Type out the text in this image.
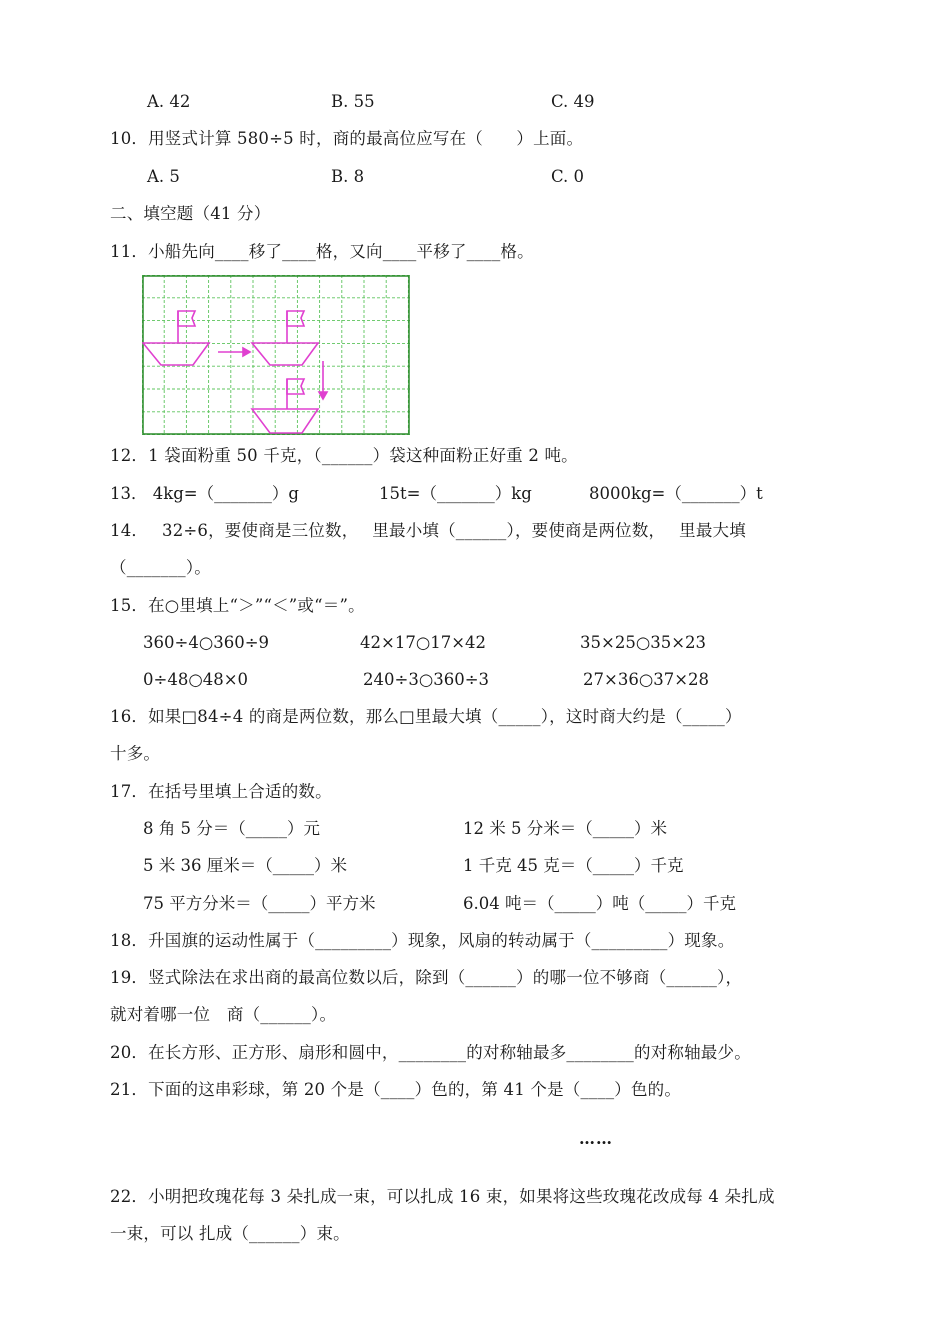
A. 42	B. 55	C. 49
10．用竖式计算 580÷5 时，商的最高位应写在（　　）上面。
A. 5	B. 8	C. 0
二、填空题（41 分）
11．小船先向____移了____格，又向____平移了____格。
12．1 袋面粉重 50 千克，（______）袋这种面粉正好重 2 吨。
13． 4kg=（_______）g	15t=（_______）kg	8000kg=（_______）t
14．　 32÷6，要使商是三位数，　 里最小填（______），要使商是两位数，　 里最大填
（_______）。
15．在○里填上“＞”“＜”或“＝”。
360÷4○360÷9	42×17○17×42	35×25○35×23
0÷48○48×0	240÷3○360÷3	27×36○37×28
16．如果□84÷4 的商是两位数，那么□里最大填（_____），这时商大约是（_____）
十多。
17．在括号里填上合适的数。
8 角 5 分＝（_____）元	12 米 5 分米＝（_____）米
5 米 36 厘米＝（_____）米	1 千克 45 克＝（_____）千克
75 平方分米＝（_____）平方米	6.04 吨＝（_____）吨（_____）千克
18．升国旗的运动性属于（_________）现象，风扇的转动属于（_________）现象。
19．竖式除法在求出商的最高位数以后，除到（______）的哪一位不够商（______），
就对着哪一位　商（______）。
20．在长方形、正方形、扇形和圆中，________的对称轴最多________的对称轴最少。
21．下面的这串彩球，第 20 个是（____）色的，第 41 个是（____）色的。
……
22．小明把玫瑰花每 3 朵扎成一束，可以扎成 16 束，如果将这些玫瑰花改成每 4 朵扎成
一束，可以 扎成（______）束。
